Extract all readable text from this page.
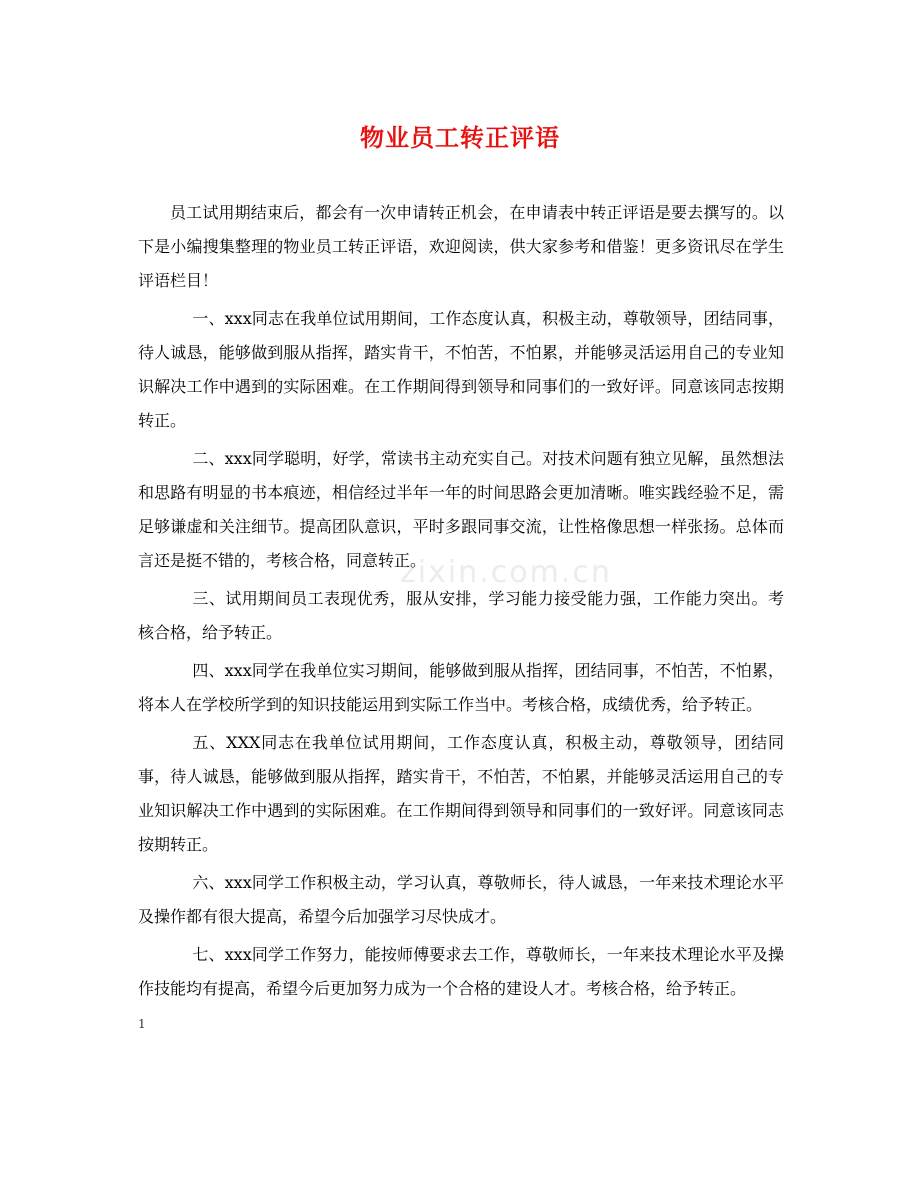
物业员工转正评语

员工试用期结束后，都会有一次申请转正机会，在申请表中转正评语是要去撰写的。以下是小编搜集整理的物业员工转正评语，欢迎阅读，供大家参考和借鉴！更多资讯尽在学生评语栏目！

一、xxx同志在我单位试用期间，工作态度认真，积极主动，尊敬领导，团结同事，待人诚恳，能够做到服从指挥，踏实肯干，不怕苦，不怕累，并能够灵活运用自己的专业知识解决工作中遇到的实际困难。在工作期间得到领导和同事们的一致好评。同意该同志按期转正。

二、xxx同学聪明，好学，常读书主动充实自己。对技术问题有独立见解，虽然想法和思路有明显的书本痕迹，相信经过半年一年的时间思路会更加清晰。唯实践经验不足，需足够谦虚和关注细节。提高团队意识，平时多跟同事交流，让性格像思想一样张扬。总体而言还是挺不错的，考核合格，同意转正。

三、试用期间员工表现优秀，服从安排，学习能力接受能力强，工作能力突出。考核合格，给予转正。

四、xxx同学在我单位实习期间，能够做到服从指挥，团结同事，不怕苦，不怕累，将本人在学校所学到的知识技能运用到实际工作当中。考核合格，成绩优秀，给予转正。

五、XXX同志在我单位试用期间，工作态度认真，积极主动，尊敬领导，团结同事，待人诚恳，能够做到服从指挥，踏实肯干，不怕苦，不怕累，并能够灵活运用自己的专业知识解决工作中遇到的实际困难。在工作期间得到领导和同事们的一致好评。同意该同志按期转正。

六、xxx同学工作积极主动，学习认真，尊敬师长，待人诚恳，一年来技术理论水平及操作都有很大提高，希望今后加强学习尽快成才。

七、xxx同学工作努力，能按师傅要求去工作，尊敬师长，一年来技术理论水平及操作技能均有提高，希望今后更加努力成为一个合格的建设人才。考核合格，给予转正。

zixin.com.cn
1
